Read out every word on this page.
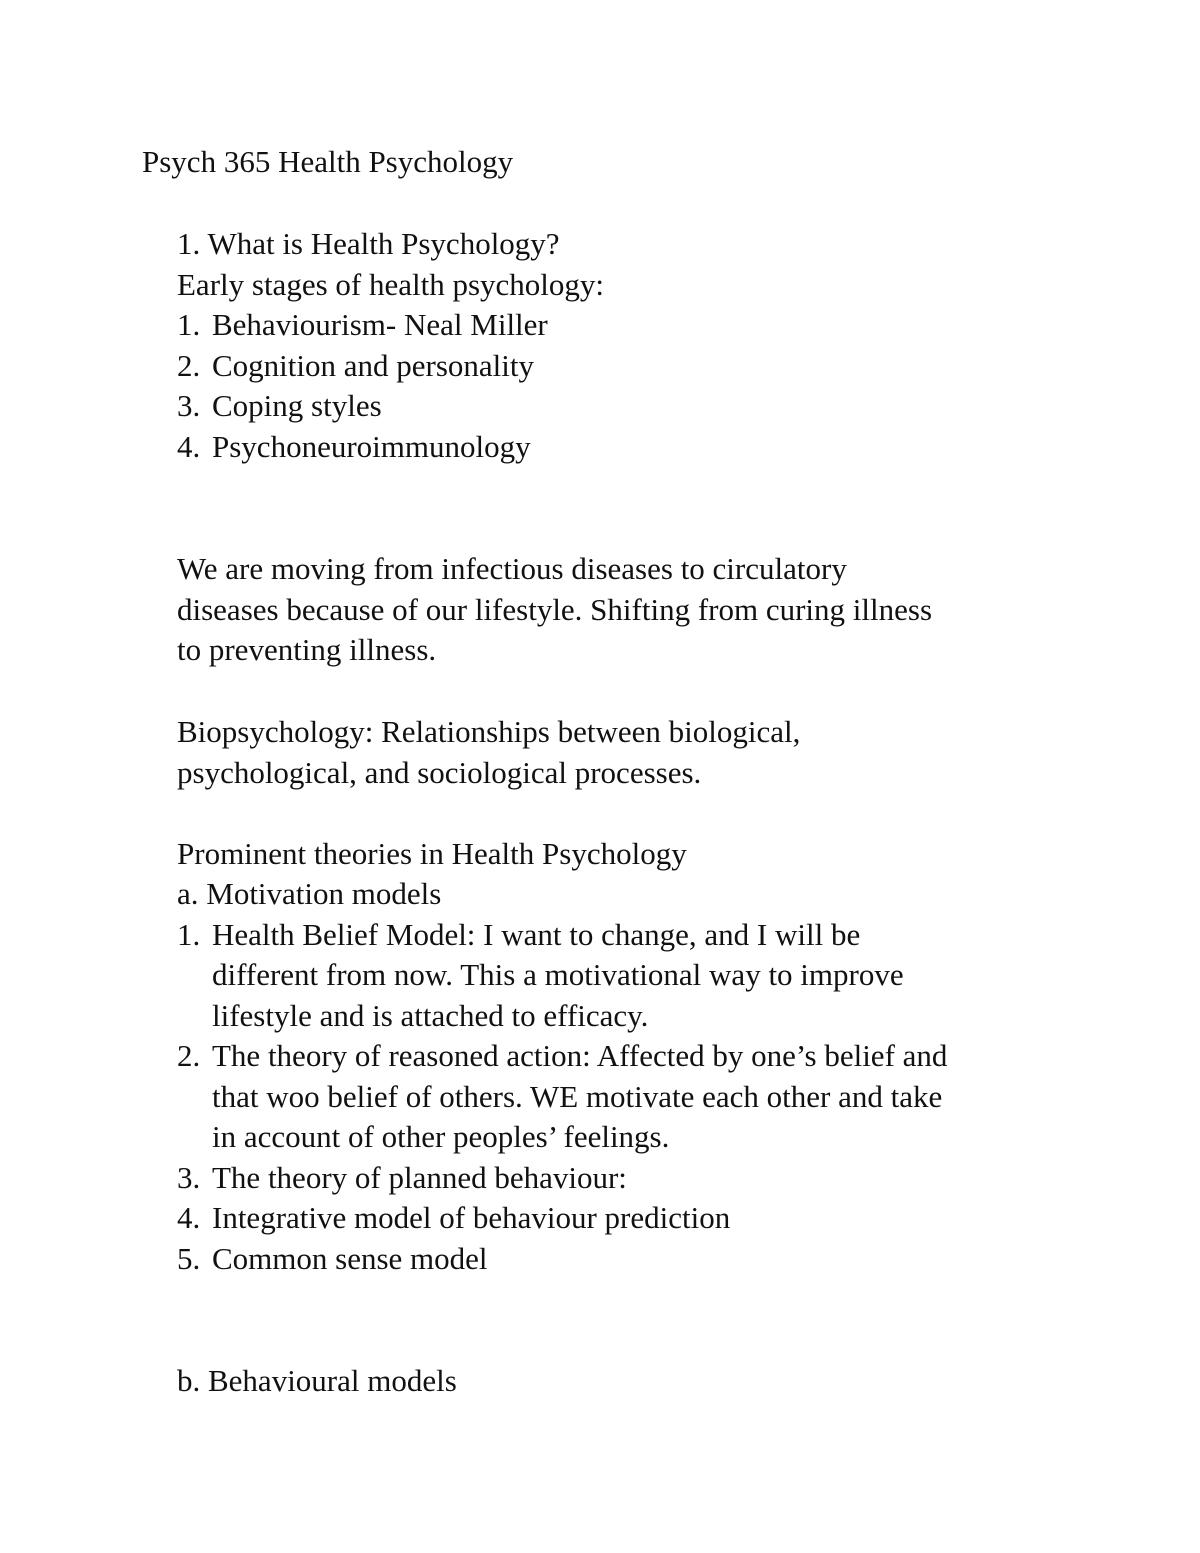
Psych 365 Health Psychology
1. What is Health Psychology?
Early stages of health psychology:
1. Behaviourism- Neal Miller
2. Cognition and personality
3. Coping styles
4. Psychoneuroimmunology
We are moving from infectious diseases to circulatory
diseases because of our lifestyle. Shifting from curing illness
to preventing illness.
Biopsychology: Relationships between biological,
psychological, and sociological processes.
Prominent theories in Health Psychology
a. Motivation models
1. Health Belief Model: I want to change, and I will be
different from now. This a motivational way to improve
lifestyle and is attached to efficacy.
2. The theory of reasoned action: Affected by one’s belief and
that woo belief of others. WE motivate each other and take
in account of other peoples’ feelings.
3. The theory of planned behaviour:
4. Integrative model of behaviour prediction
5. Common sense model
b. Behavioural models
